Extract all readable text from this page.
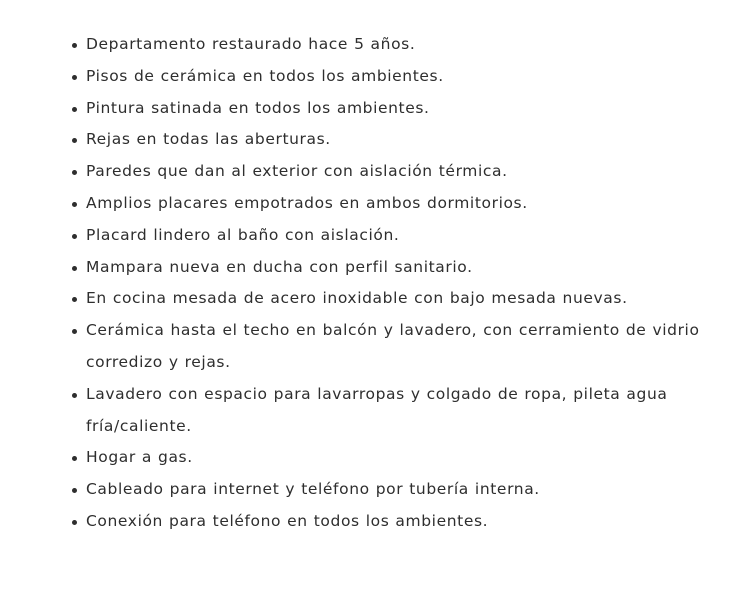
Departamento restaurado hace 5 años.
Pisos de cerámica en todos los ambientes.
Pintura satinada en todos los ambientes.
Rejas en todas las aberturas.
Paredes que dan al exterior con aislación térmica.
Amplios placares empotrados en ambos dormitorios.
Placard lindero al baño con aislación.
Mampara nueva en ducha con perfil sanitario.
En cocina mesada de acero inoxidable con bajo mesada nuevas.
Cerámica hasta el techo en balcón y lavadero, con cerramiento de vidrio corredizo y rejas.
Lavadero con espacio para lavarropas y colgado de ropa, pileta agua fría/caliente.
Hogar a gas.
Cableado para internet y teléfono por tubería interna.
Conexión para teléfono en todos los ambientes.
